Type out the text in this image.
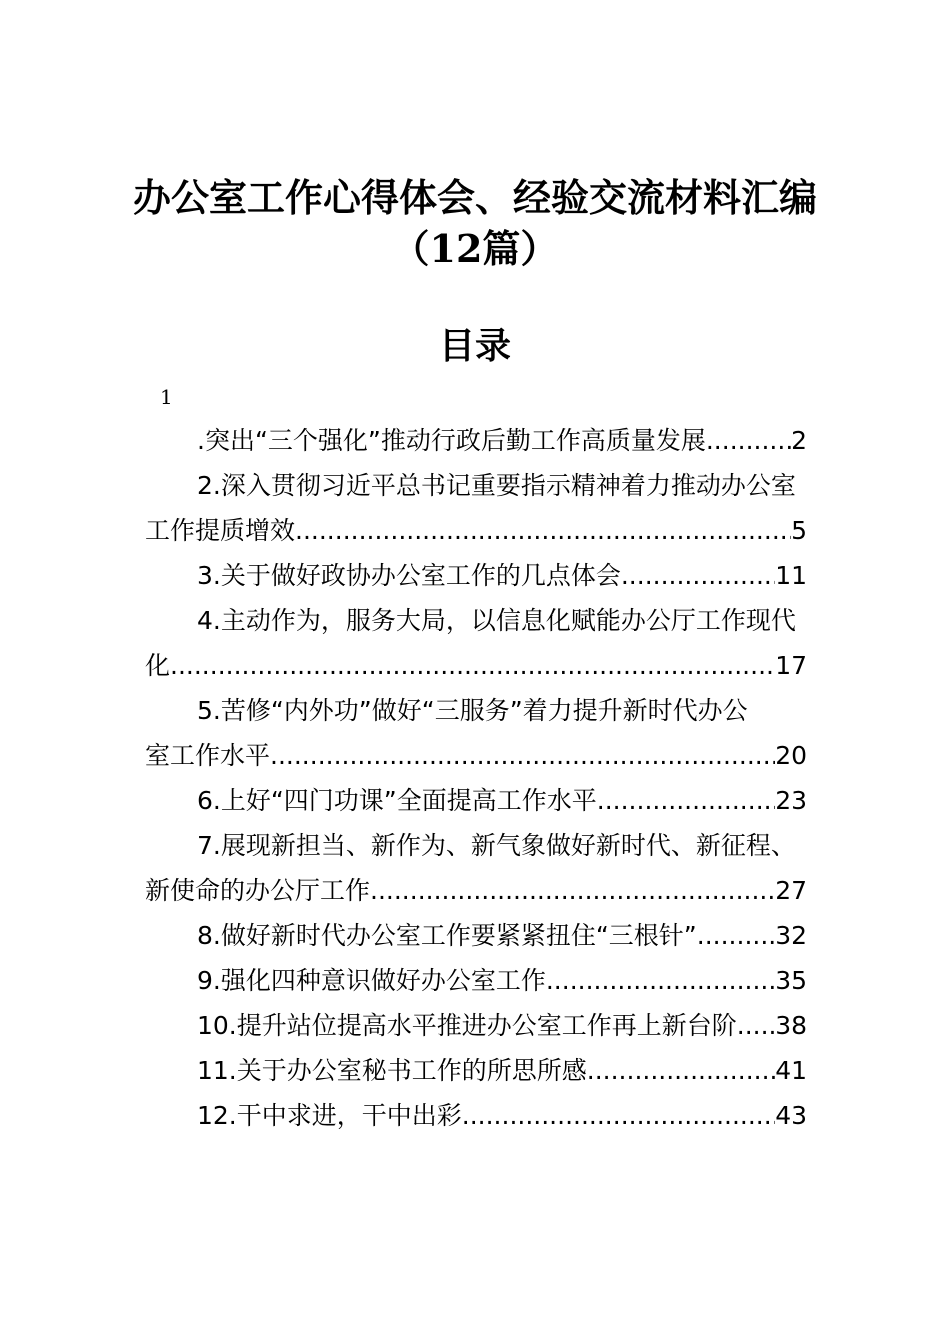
办公室工作心得体会、经验交流材料汇编
（12篇）
目录
1
.突出“三个强化”推动行政后勤工作高质量发展 .....	2
2.深入贯彻习近平总书记重要指示精神着力推动办公室
工作提质增效 .....	5
3.关于做好政协办公室工作的几点体会 .....	11
4.主动作为，服务大局，以信息化赋能办公厅工作现代
化 .....	17
5.苦修“内外功”做好“三服务”着力提升新时代办公
室工作水平 .....	20
6.上好“四门功课”全面提高工作水平 .....	23
7.展现新担当、新作为、新气象做好新时代、新征程、
新使命的办公厅工作 .....	27
8.做好新时代办公室工作要紧紧扭住“三根针” .....	32
9.强化四种意识做好办公室工作 .....	35
10.提升站位提高水平推进办公室工作再上新台阶 ..... 38
11.关于办公室秘书工作的所思所感 .....	41
12.干中求进，干中出彩 .....	43
